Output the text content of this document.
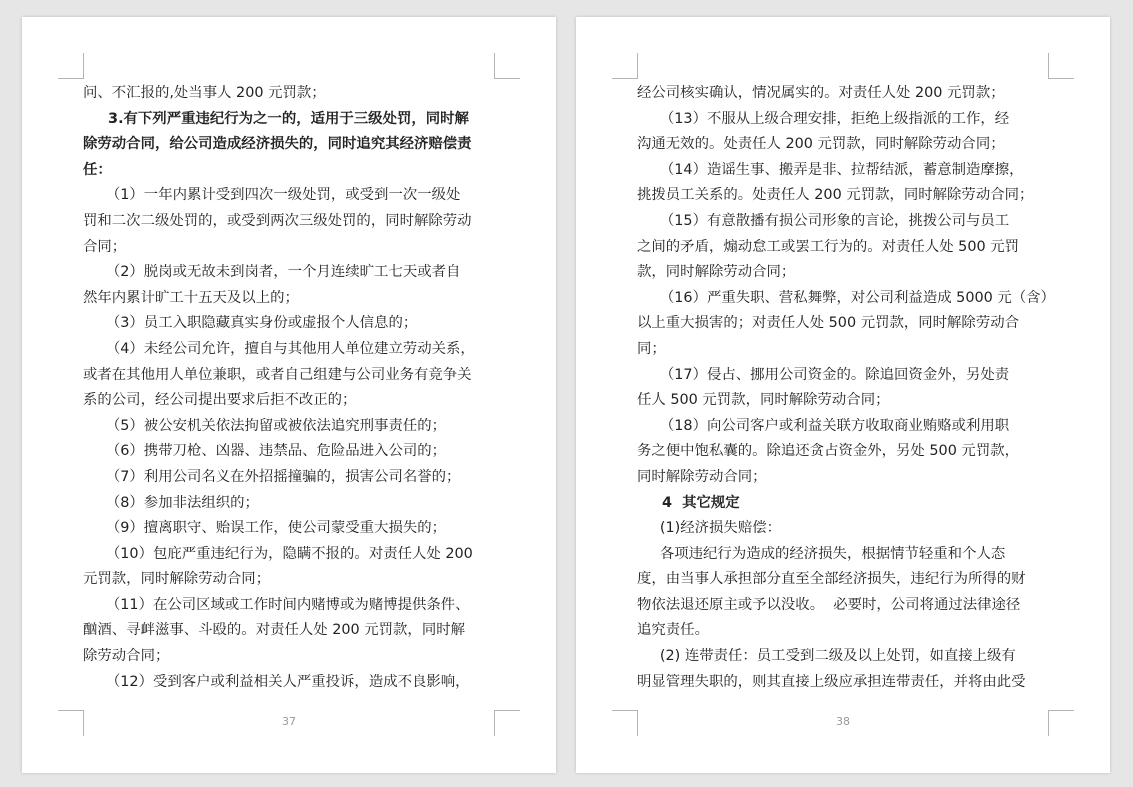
问、不汇报的,处当事人 200 元罚款；
3.有下列严重违纪行为之一的，适用于三级处罚，同时解
除劳动合同，给公司造成经济损失的，同时追究其经济赔偿责
任：
（1）一年内累计受到四次一级处罚，或受到一次一级处
罚和二次二级处罚的，或受到两次三级处罚的，同时解除劳动
合同；
（2）脱岗或无故未到岗者，一个月连续旷工七天或者自
然年内累计旷工十五天及以上的；
（3）员工入职隐藏真实身份或虚报个人信息的；
（4）未经公司允许，擅自与其他用人单位建立劳动关系，
或者在其他用人单位兼职，或者自己组建与公司业务有竞争关
系的公司，经公司提出要求后拒不改正的；
（5）被公安机关依法拘留或被依法追究刑事责任的；
（6）携带刀枪、凶器、违禁品、危险品进入公司的；
（7）利用公司名义在外招摇撞骗的，损害公司名誉的；
（8）参加非法组织的；
（9）擅离职守、贻误工作，使公司蒙受重大损失的；
（10）包庇严重违纪行为，隐瞒不报的。对责任人处 200
元罚款，同时解除劳动合同；
（11）在公司区域或工作时间内赌博或为赌博提供条件、
酗酒、寻衅滋事、斗殴的。对责任人处 200 元罚款，同时解
除劳动合同；
（12）受到客户或利益相关人严重投诉，造成不良影响，
37
经公司核实确认，情况属实的。对责任人处 200 元罚款；
（13）不服从上级合理安排，拒绝上级指派的工作，经
沟通无效的。处责任人 200 元罚款，同时解除劳动合同；
（14）造谣生事、搬弄是非、拉帮结派，蓄意制造摩擦，
挑拨员工关系的。处责任人 200 元罚款，同时解除劳动合同；
（15）有意散播有损公司形象的言论，挑拨公司与员工
之间的矛盾，煽动怠工或罢工行为的。对责任人处 500 元罚
款，同时解除劳动合同；
（16）严重失职、营私舞弊，对公司利益造成 5000 元（含）
以上重大损害的；对责任人处 500 元罚款，同时解除劳动合
同；
（17）侵占、挪用公司资金的。除追回资金外，另处责
任人 500 元罚款，同时解除劳动合同；
（18）向公司客户或利益关联方收取商业贿赂或利用职
务之便中饱私囊的。除追还贪占资金外，另处 500 元罚款，
同时解除劳动合同；
4  其它规定
(1)经济损失赔偿：
各项违纪行为造成的经济损失，根据情节轻重和个人态
度，由当事人承担部分直至全部经济损失，违纪行为所得的财
物依法退还原主或予以没收。  必要时，公司将通过法律途径
追究责任。
(2) 连带责任：员工受到二级及以上处罚，如直接上级有
明显管理失职的，则其直接上级应承担连带责任，并将由此受
38
